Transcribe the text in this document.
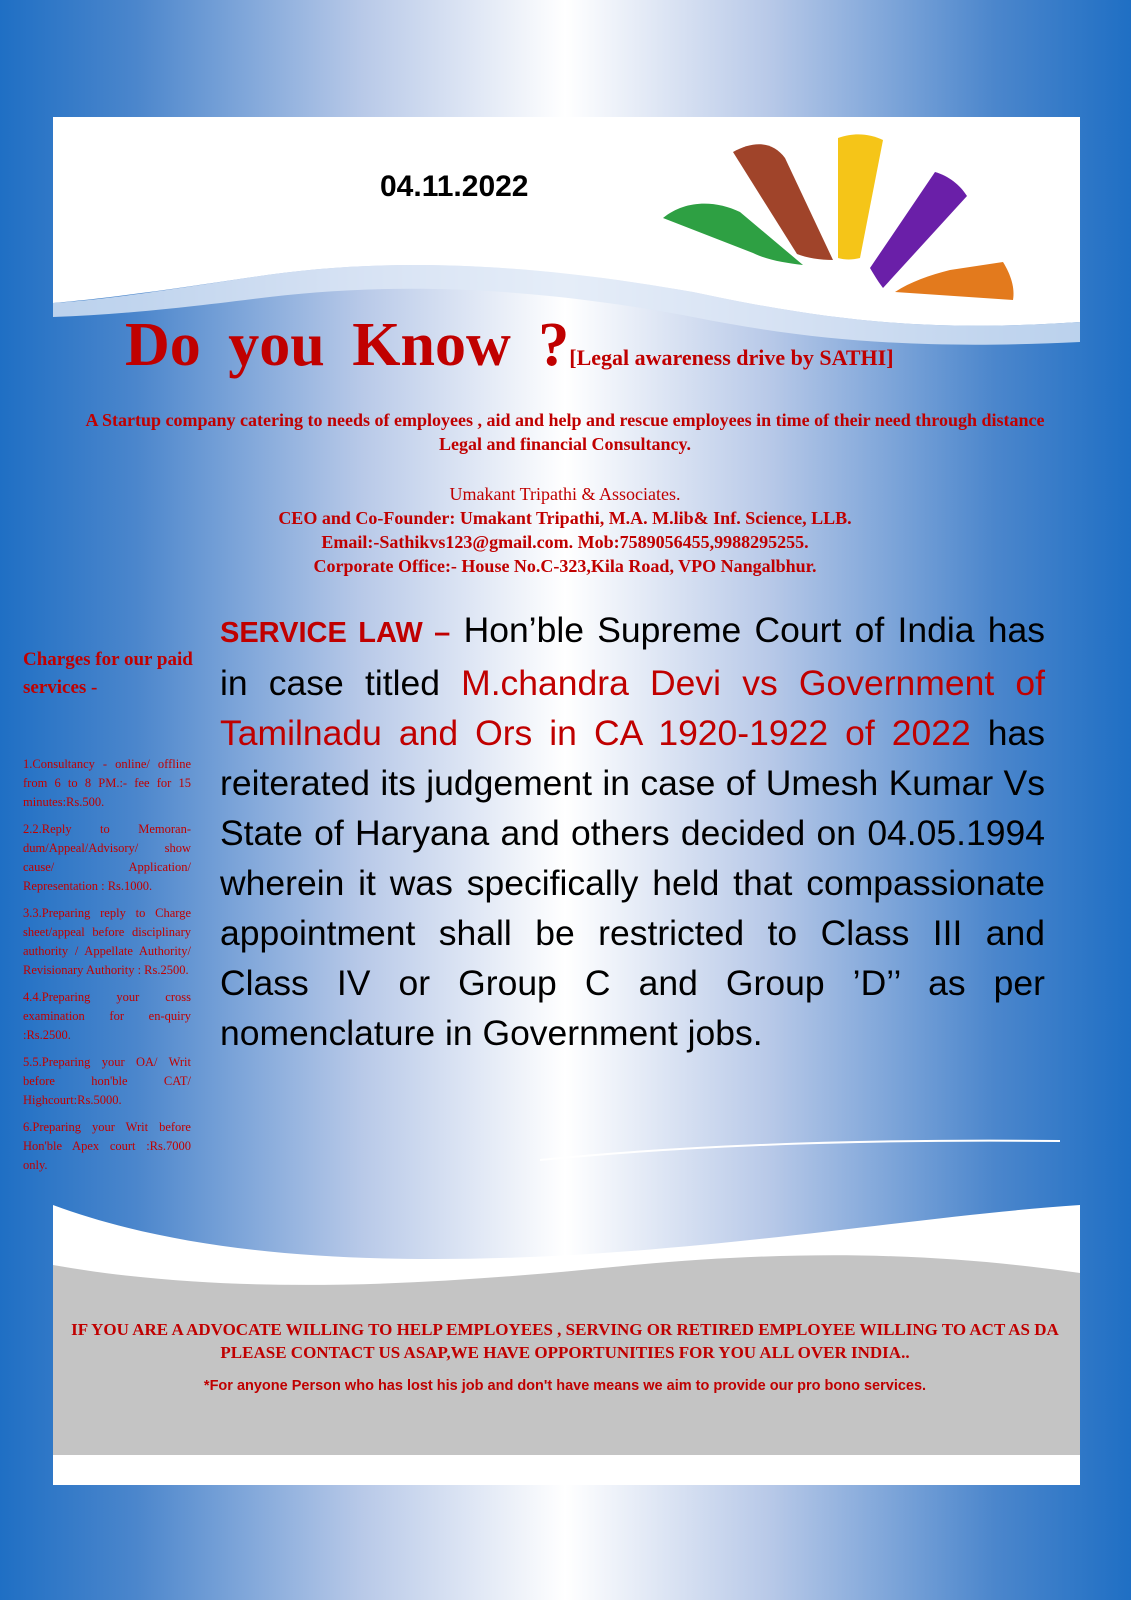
04.11.2022
Do you Know ?[Legal awareness drive by SATHI]
A Startup company catering to needs of employees , aid and help and rescue employees in time of their need through distance Legal and financial Consultancy.
Umakant Tripathi & Associates.
CEO and Co-Founder: Umakant Tripathi, M.A. M.lib& Inf. Science, LLB.
Email:-Sathikvs123@gmail.com. Mob:7589056455,9988295255.
Corporate Office:- House No.C-323,Kila Road, VPO Nangalbhur.
Charges for our paid services -

1.Consultancy - online/ offline from 6 to 8 PM.:- fee for 15 minutes:Rs.500.

2.2.Reply to Memoran-dum/Appeal/Advisory/ show cause/ Application/ Representation : Rs.1000.

3.3.Preparing reply to Charge sheet/appeal before disciplinary authority / Appellate Authority/ Revisionary Authority : Rs.2500.

4.4.Preparing your cross examination for en-quiry :Rs.2500.

5.5.Preparing your OA/ Writ before hon'ble CAT/ Highcourt:Rs.5000.

6.Preparing your Writ before Hon'ble Apex court :Rs.7000 only.

SERVICE LAW – Hon’ble Supreme Court of India has in case titled M.chandra Devi vs Government of Tamilnadu and Ors in CA 1920-1922 of 2022 has reiterated its judgement in case of Umesh Kumar Vs State of Haryana and others decided on 04.05.1994 wherein it was specifically held that compassionate appointment shall be restricted to Class III and Class IV or Group C and Group ’D’’ as per nomenclature in Government jobs.
IF YOU ARE A ADVOCATE WILLING TO HELP EMPLOYEES , SERVING OR RETIRED EMPLOYEE WILLING TO ACT AS DA PLEASE CONTACT US ASAP,WE HAVE OPPORTUNITIES FOR YOU ALL OVER INDIA..
*For anyone Person who has lost his job and don't have means we aim to provide our pro bono services.
